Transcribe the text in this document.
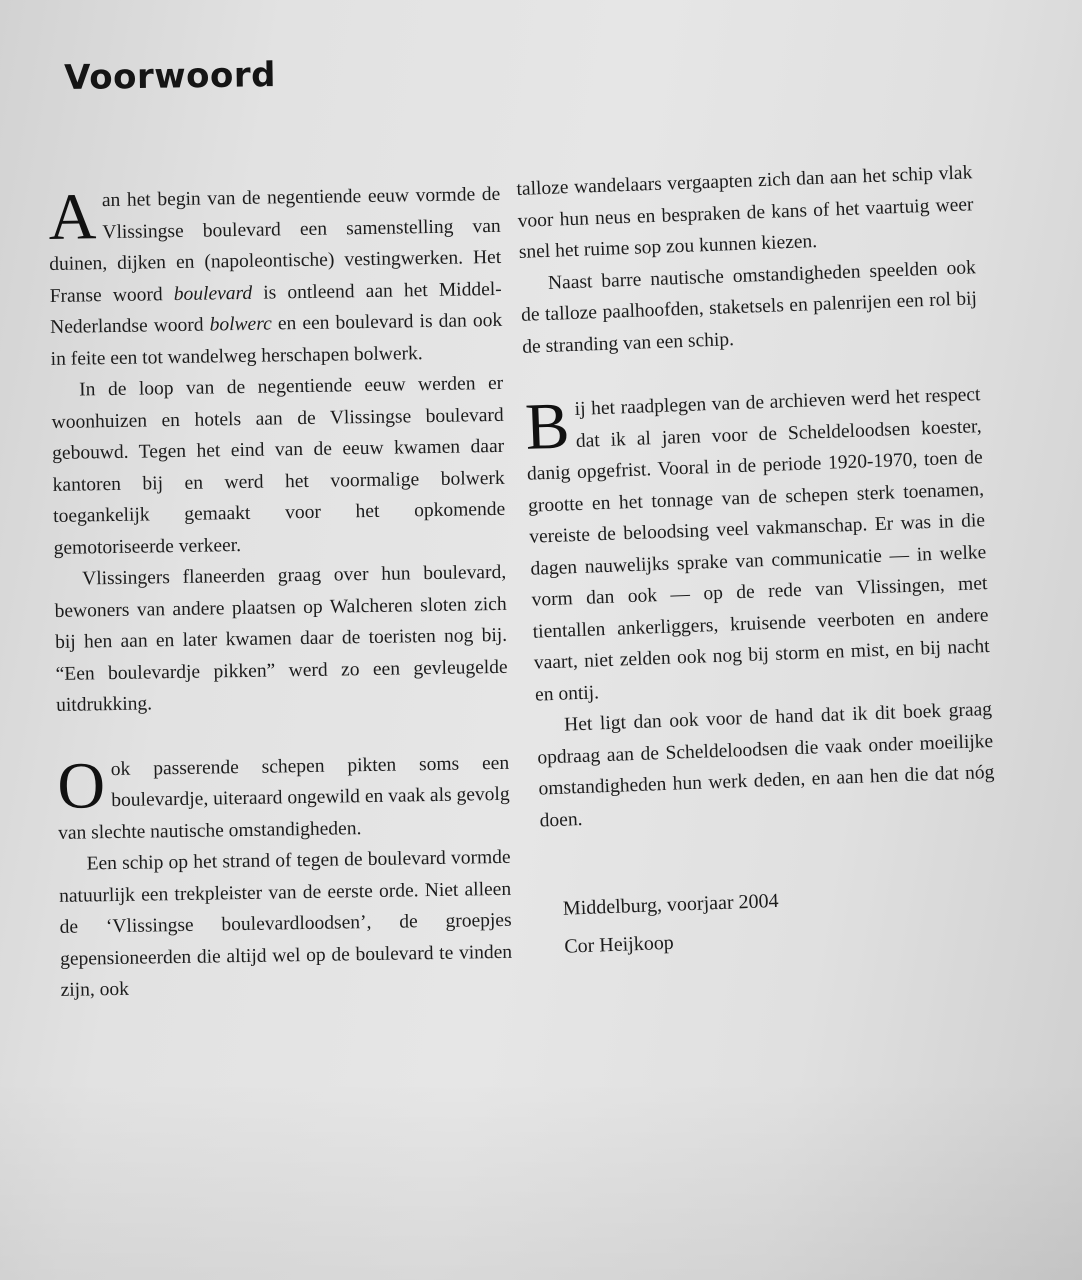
Voorwoord

Aan het begin van de negentiende eeuw vormde de Vlissingse boulevard een samenstelling van duinen, dijken en (napoleontische) vestingwerken. Het Franse woord boulevard is ontleend aan het Middel-Nederlandse woord bolwerc en een boulevard is dan ook in feite een tot wandelweg herschapen bolwerk.

In de loop van de negentiende eeuw werden er woonhuizen en hotels aan de Vlissingse boulevard gebouwd. Tegen het eind van de eeuw kwamen daar kantoren bij en werd het voormalige bolwerk toegankelijk gemaakt voor het opkomende gemotoriseerde verkeer.

Vlissingers flaneerden graag over hun boulevard, bewoners van andere plaatsen op Walcheren sloten zich bij hen aan en later kwamen daar de toeristen nog bij. “Een boulevardje pikken” werd zo een gevleugelde uitdrukking.

Ook passerende schepen pikten soms een boulevardje, uiteraard ongewild en vaak als gevolg van slechte nautische omstandigheden.

Een schip op het strand of tegen de boulevard vormde natuurlijk een trekpleister van de eerste orde. Niet alleen de ‘Vlissingse boulevardloodsen’, de groepjes gepensioneerden die altijd wel op de boulevard te vinden zijn, ook

talloze wandelaars vergaapten zich dan aan het schip vlak voor hun neus en bespraken de kans of het vaartuig weer snel het ruime sop zou kunnen kiezen.

Naast barre nautische omstandigheden speelden ook de talloze paalhoofden, staketsels en palenrijen een rol bij de stranding van een schip.

Bij het raadplegen van de archieven werd het respect dat ik al jaren voor de Scheldeloodsen koester, danig opgefrist. Vooral in de periode 1920-1970, toen de grootte en het tonnage van de schepen sterk toenamen, vereiste de beloodsing veel vakmanschap. Er was in die dagen nauwelijks sprake van communicatie — in welke vorm dan ook — op de rede van Vlissingen, met tientallen ankerliggers, kruisende veerboten en andere vaart, niet zelden ook nog bij storm en mist, en bij nacht en ontij.

Het ligt dan ook voor de hand dat ik dit boek graag opdraag aan de Scheldeloodsen die vaak onder moeilijke omstandigheden hun werk deden, en aan hen die dat nóg doen.

Middelburg, voorjaar 2004
Cor Heijkoop
